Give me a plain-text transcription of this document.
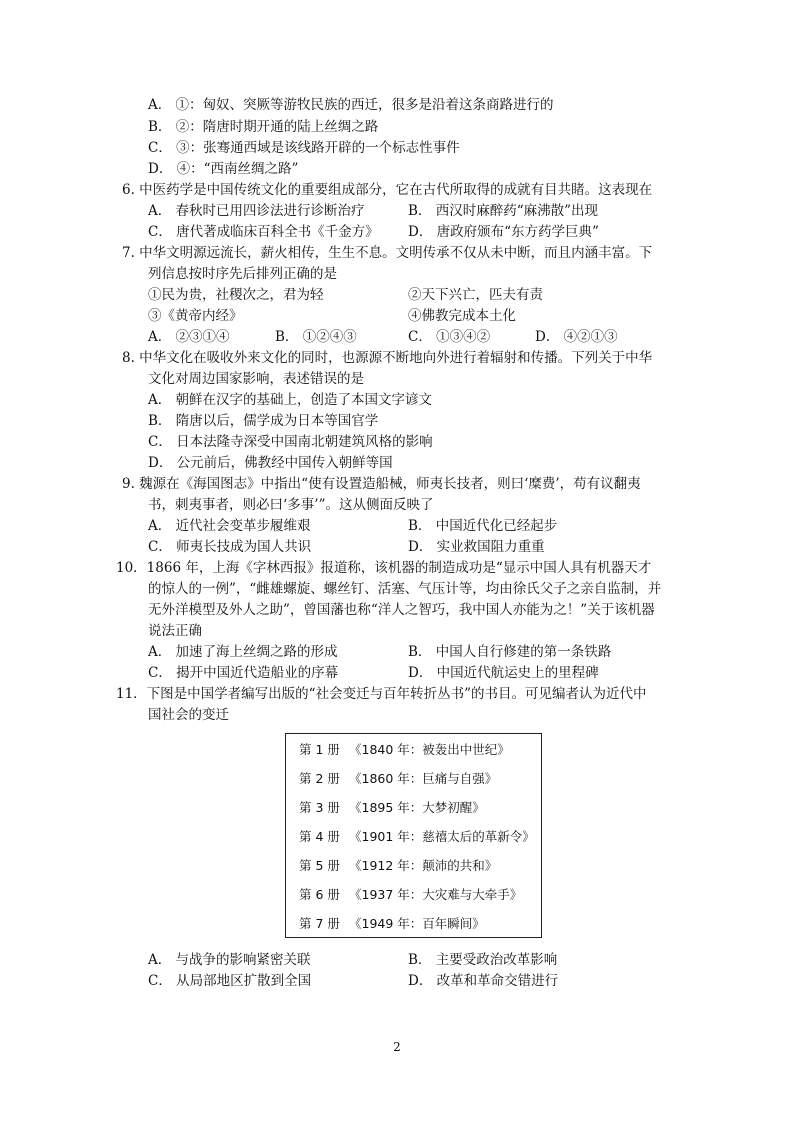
A． ①：匈奴、突厥等游牧民族的西迁，很多是沿着这条商路进行的
B． ②：隋唐时期开通的陆上丝绸之路
C． ③：张骞通西域是该线路开辟的一个标志性事件
D． ④：“西南丝绸之路”
6. 中医药学是中国传统文化的重要组成部分，它在古代所取得的成就有目共睹。这表现在
A． 春秋时已用四诊法进行诊断治疗	B． 西汉时麻醉药“麻沸散”出现
C． 唐代著成临床百科全书《千金方》 D． 唐政府颁布“东方药学巨典”
7. 中华文明源远流长，薪火相传，生生不息。文明传承不仅从未中断，而且内涵丰富。下
列信息按时序先后排列正确的是
①民为贵，社稷次之，君为轻	②天下兴亡，匹夫有责
③《黄帝内经》	④佛教完成本土化
A． ②③①④	B． ①②④③	C． ①③④②	D． ④②①③
8. 中华文化在吸收外来文化的同时，也源源不断地向外进行着辐射和传播。下列关于中华
文化对周边国家影响，表述错误的是
A． 朝鲜在汉字的基础上，创造了本国文字谚文
B． 隋唐以后，儒学成为日本等国官学
C． 日本法隆寺深受中国南北朝建筑风格的影响
D． 公元前后，佛教经中国传入朝鲜等国
9. 魏源在《海国图志》中指出“使有设置造船械，师夷长技者，则曰‘糜费’，苟有议翻夷
书，刺夷事者，则必曰‘多事’”。这从侧面反映了
A． 近代社会变革步履维艰	B． 中国近代化已经起步
C． 师夷长技成为国人共识	D． 实业救国阻力重重
10．1866 年，上海《字林西报》报道称，该机器的制造成功是“显示中国人具有机器天才
的惊人的一例”，“雌雄螺旋、螺丝钉、活塞、气压计等，均由徐氏父子之亲自监制，并
无外洋模型及外人之助”，曾国藩也称“洋人之智巧，我中国人亦能为之！”关于该机器
说法正确
A． 加速了海上丝绸之路的形成	B． 中国人自行修建的第一条铁路
C． 揭开中国近代造船业的序幕	D． 中国近代航运史上的里程碑
11．下图是中国学者编写出版的“社会变迁与百年转折丛书”的书目。可见编者认为近代中
国社会的变迁
第 1 册 《1840 年：被轰出中世纪》
第 2 册 《1860 年：巨痛与自强》
第 3 册 《1895 年：大梦初醒》
第 4 册 《1901 年：慈禧太后的革新令》
第 5 册 《1912 年：颠沛的共和》
第 6 册 《1937 年：大灾难与大牵手》
第 7 册 《1949 年：百年瞬间》
A． 与战争的影响紧密关联	B． 主要受政治改革影响
C． 从局部地区扩散到全国	D． 改革和革命交错进行
2
